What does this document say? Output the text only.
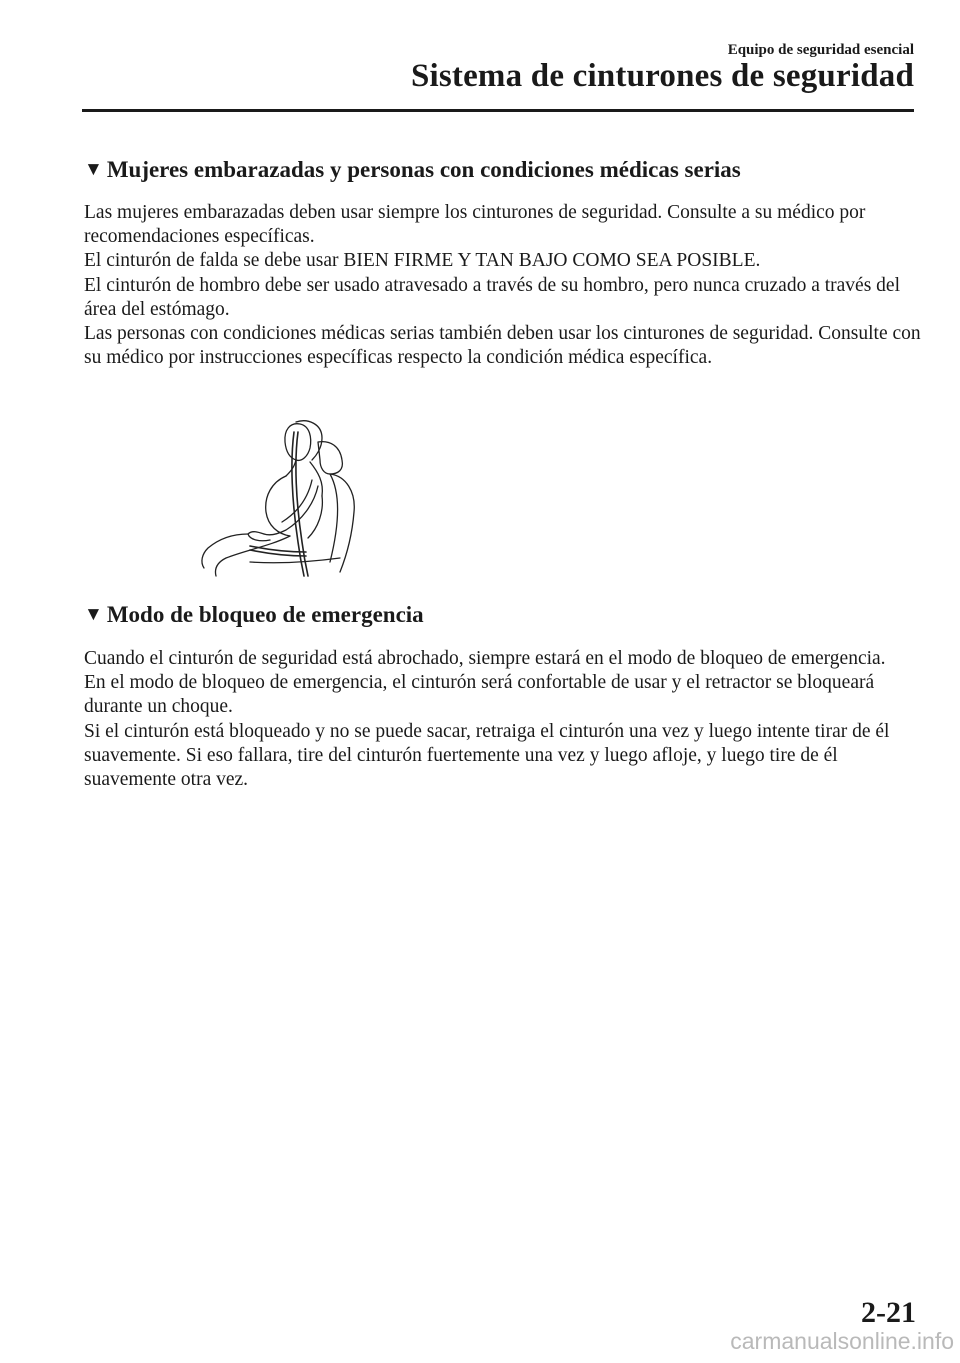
Equipo de seguridad esencial
Sistema de cinturones de seguridad
▼ Mujeres embarazadas y personas con condiciones médicas serias

Las mujeres embarazadas deben usar siempre los cinturones de seguridad. Consulte a su médico por recomendaciones específicas.

El cinturón de falda se debe usar BIEN FIRME Y TAN BAJO COMO SEA POSIBLE.

El cinturón de hombro debe ser usado atravesado a través de su hombro, pero nunca cruzado a través del área del estómago.

Las personas con condiciones médicas serias también deben usar los cinturones de seguridad. Consulte con su médico por instrucciones específicas respecto la condición médica específica.

▼ Modo de bloqueo de emergencia

Cuando el cinturón de seguridad está abrochado, siempre estará en el modo de bloqueo de emergencia.

En el modo de bloqueo de emergencia, el cinturón será confortable de usar y el retractor se bloqueará durante un choque.

Si el cinturón está bloqueado y no se puede sacar, retraiga el cinturón una vez y luego intente tirar de él suavemente. Si eso fallara, tire del cinturón fuertemente una vez y luego afloje, y luego tire de él suavemente otra vez.

2-21
carmanualsonline.info
